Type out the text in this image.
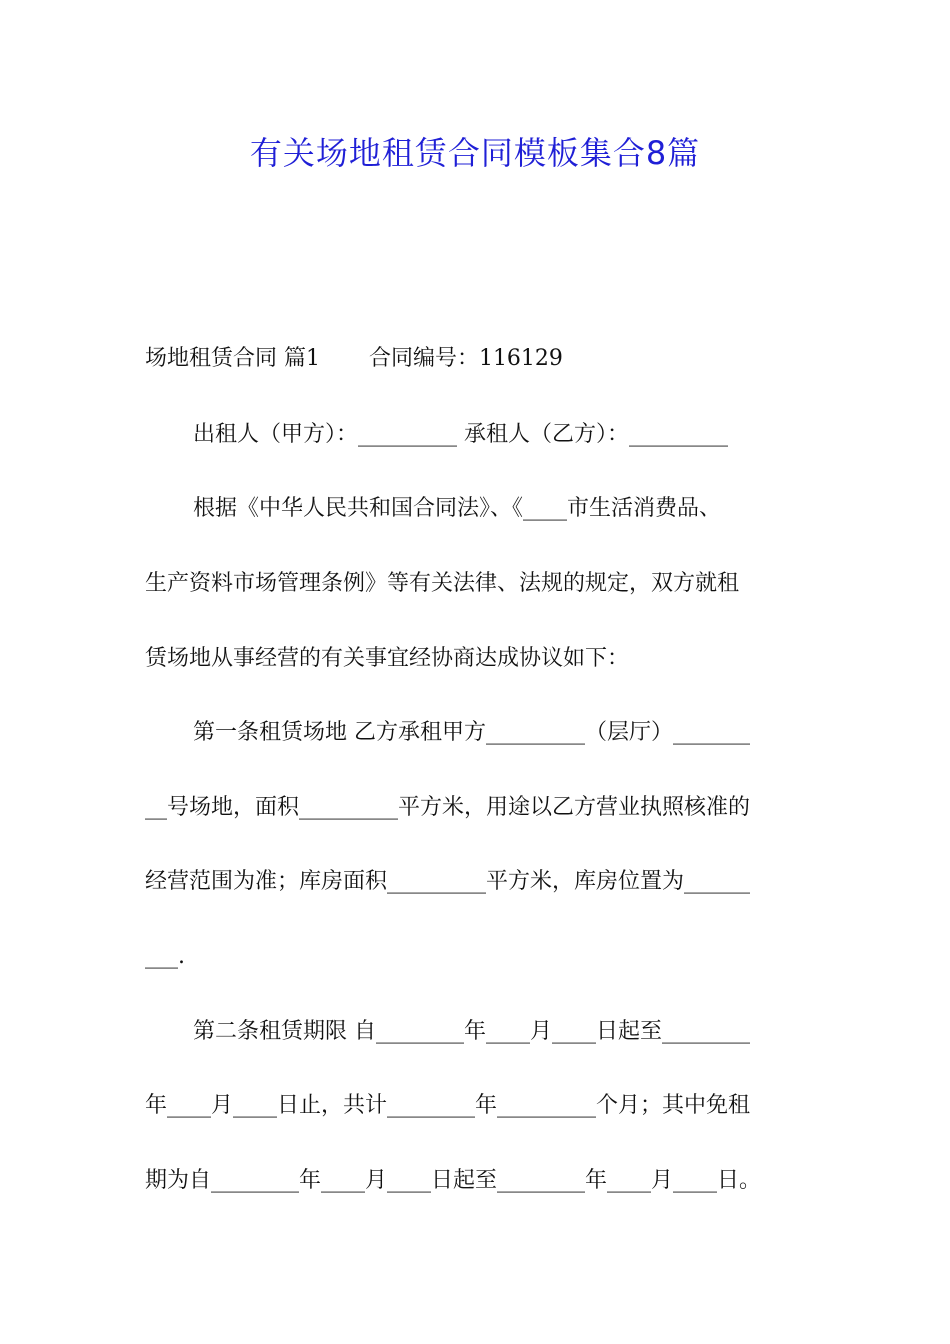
有关场地租赁合同模板集合8篇
场地租赁合同 篇1       合同编号：116129
出租人（甲方）：_________ 承租人（乙方）：_________
根据《中华人民共和国合同法》、《____市生活消费品、
生产资料市场管理条例》等有关法律、法规的规定，双方就租
赁场地从事经营的有关事宜经协商达成协议如下：
第一条租赁场地 乙方承租甲方_________（层厅）_______
__号场地，面积_________平方米，用途以乙方营业执照核准的
经营范围为准；库房面积_________平方米，库房位置为______
___.
第二条租赁期限 自________年____月____日起至________
年____月____日止，共计________年_________个月；其中免租
期为自________年____月____日起至________年____月____日。
